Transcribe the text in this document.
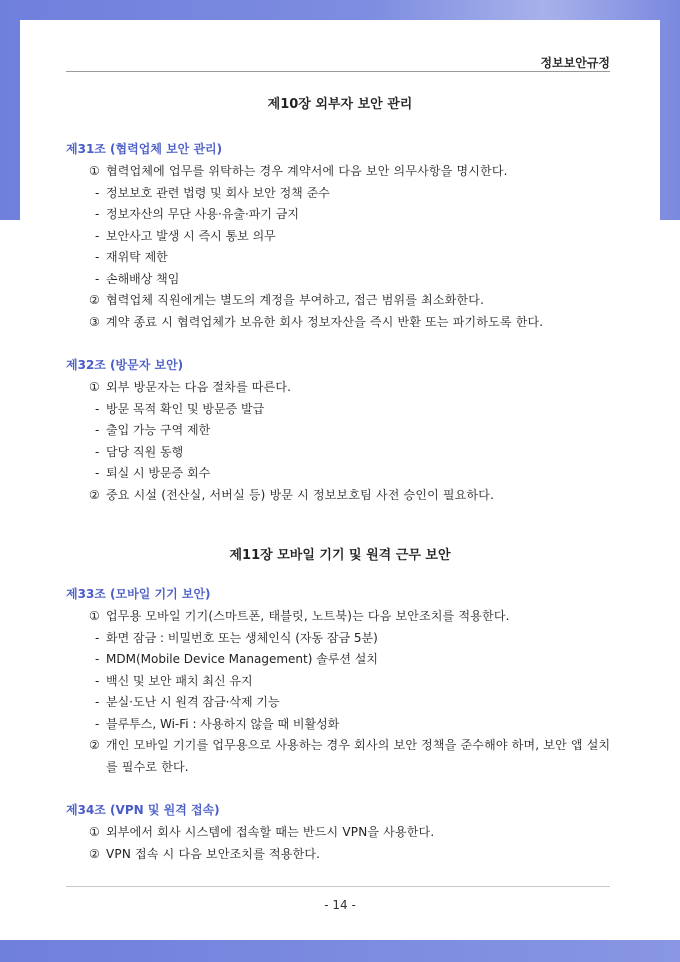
정보보안규정
제10장 외부자 보안 관리
제31조 (협력업체 보안 관리)
① 협력업체에 업무를 위탁하는 경우 계약서에 다음 보안 의무사항을 명시한다.
- 정보보호 관련 법령 및 회사 보안 정책 준수
- 정보자산의 무단 사용·유출·파기 금지
- 보안사고 발생 시 즉시 통보 의무
- 재위탁 제한
- 손해배상 책임
② 협력업체 직원에게는 별도의 계정을 부여하고, 접근 범위를 최소화한다.
③ 계약 종료 시 협력업체가 보유한 회사 정보자산을 즉시 반환 또는 파기하도록 한다.
제32조 (방문자 보안)
① 외부 방문자는 다음 절차를 따른다.
- 방문 목적 확인 및 방문증 발급
- 출입 가능 구역 제한
- 담당 직원 동행
- 퇴실 시 방문증 회수
② 중요 시설 (전산실, 서버실 등) 방문 시 정보보호팀 사전 승인이 필요하다.
제11장 모바일 기기 및 원격 근무 보안
제33조 (모바일 기기 보안)
① 업무용 모바일 기기(스마트폰, 태블릿, 노트북)는 다음 보안조치를 적용한다.
- 화면 잠금 : 비밀번호 또는 생체인식 (자동 잠금 5분)
- MDM(Mobile Device Management) 솔루션 설치
- 백신 및 보안 패치 최신 유지
- 분실·도난 시 원격 잠금·삭제 기능
- 블루투스, Wi-Fi : 사용하지 않을 때 비활성화
② 개인 모바일 기기를 업무용으로 사용하는 경우 회사의 보안 정책을 준수해야 하며, 보안 앱 설치를 필수로 한다.
제34조 (VPN 및 원격 접속)
① 외부에서 회사 시스템에 접속할 때는 반드시 VPN을 사용한다.
② VPN 접속 시 다음 보안조치를 적용한다.
- 14 -
